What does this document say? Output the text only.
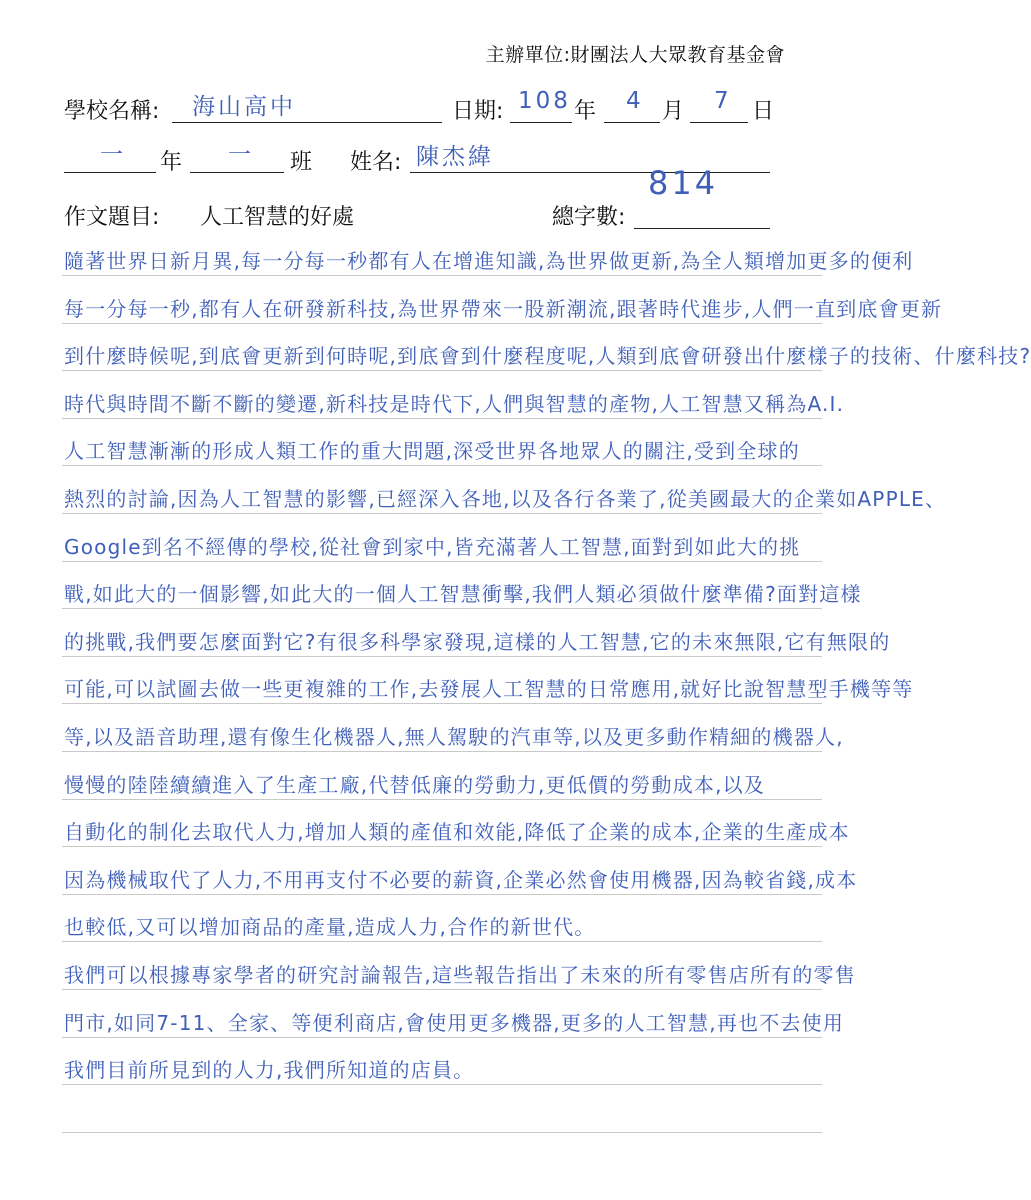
主辦單位:財團法人大眾教育基金會
學校名稱: 海山高中	日期: 108 年 4 月 7 日
一 年 一 班 姓名: 陳杰緯
作文題目: 人工智慧的好處	總字數:
814
隨著世界日新月異,每一分每一秒都有人在增進知識,為世界做更新,為全人類增加更多的便利
每一分每一秒,都有人在研發新科技,為世界帶來一股新潮流,跟著時代進步,人們一直到底會更新
到什麼時候呢,到底會更新到何時呢,到底會到什麼程度呢,人類到底會研發出什麼樣子的技術、什麼科技?
時代與時間不斷不斷的變遷,新科技是時代下,人們與智慧的產物,人工智慧又稱為A.I.
人工智慧漸漸的形成人類工作的重大問題,深受世界各地眾人的關注,受到全球的
熱烈的討論,因為人工智慧的影響,已經深入各地,以及各行各業了,從美國最大的企業如APPLE、
Google到名不經傳的學校,從社會到家中,皆充滿著人工智慧,面對到如此大的挑
戰,如此大的一個影響,如此大的一個人工智慧衝擊,我們人類必須做什麼準備?面對這樣
的挑戰,我們要怎麼面對它?有很多科學家發現,這樣的人工智慧,它的未來無限,它有無限的
可能,可以試圖去做一些更複雜的工作,去發展人工智慧的日常應用,就好比說智慧型手機等等
等,以及語音助理,還有像生化機器人,無人駕駛的汽車等,以及更多動作精細的機器人,
慢慢的陸陸續續進入了生產工廠,代替低廉的勞動力,更低價的勞動成本,以及
自動化的制化去取代人力,增加人類的產值和效能,降低了企業的成本,企業的生產成本
因為機械取代了人力,不用再支付不必要的薪資,企業必然會使用機器,因為較省錢,成本
也較低,又可以增加商品的產量,造成人力,合作的新世代。
我們可以根據專家學者的研究討論報告,這些報告指出了未來的所有零售店所有的零售
門市,如同7-11、全家、等便利商店,會使用更多機器,更多的人工智慧,再也不去使用
我們目前所見到的人力,我們所知道的店員。
